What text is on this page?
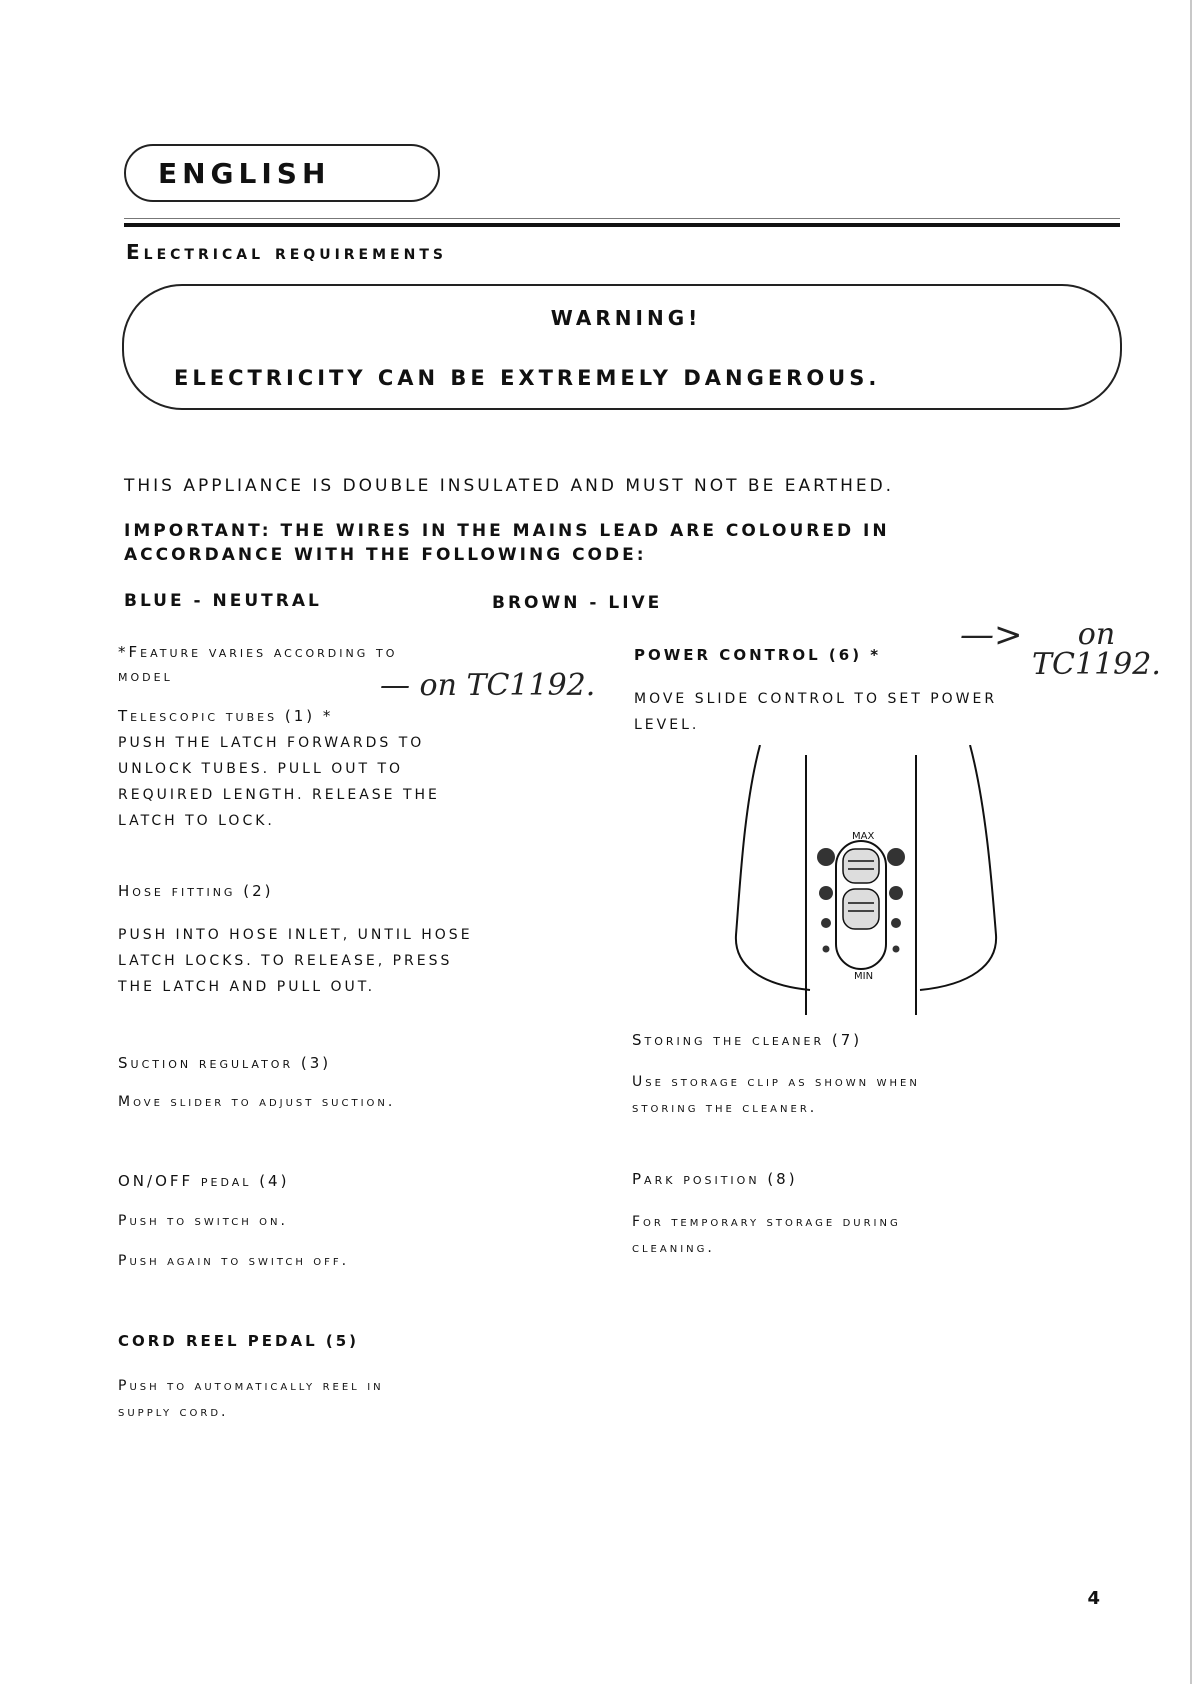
ENGLISH
Electrical requirements
WARNING!
ELECTRICITY CAN BE EXTREMELY DANGEROUS.
THIS APPLIANCE IS DOUBLE INSULATED AND MUST NOT BE EARTHED.
IMPORTANT: THE WIRES IN THE MAINS LEAD ARE COLOURED IN
ACCORDANCE WITH THE FOLLOWING CODE:
BLUE - NEUTRAL	BROWN - LIVE
*Feature varies according to
model	— on TC1192.
Telescopic tubes (1) *
PUSH THE LATCH FORWARDS TO
UNLOCK TUBES. PULL OUT TO
REQUIRED LENGTH. RELEASE THE
LATCH TO LOCK.
Hose fitting (2)
PUSH INTO HOSE INLET, UNTIL HOSE
LATCH LOCKS. TO RELEASE, PRESS
THE LATCH AND PULL OUT.
Suction regulator (3)
Move slider to adjust suction.
ON/OFF pedal (4)
Push to switch on.
Push again to switch off.
CORD REEL PEDAL (5)
Push to automatically reel in
supply cord.
POWER CONTROL (6) * —>	on
TC1192.
MOVE SLIDE CONTROL TO SET POWER
LEVEL.
MAX
MIN
Storing the cleaner (7)
Use storage clip as shown when
storing the cleaner.
Park position (8)
For temporary storage during
cleaning.
4
